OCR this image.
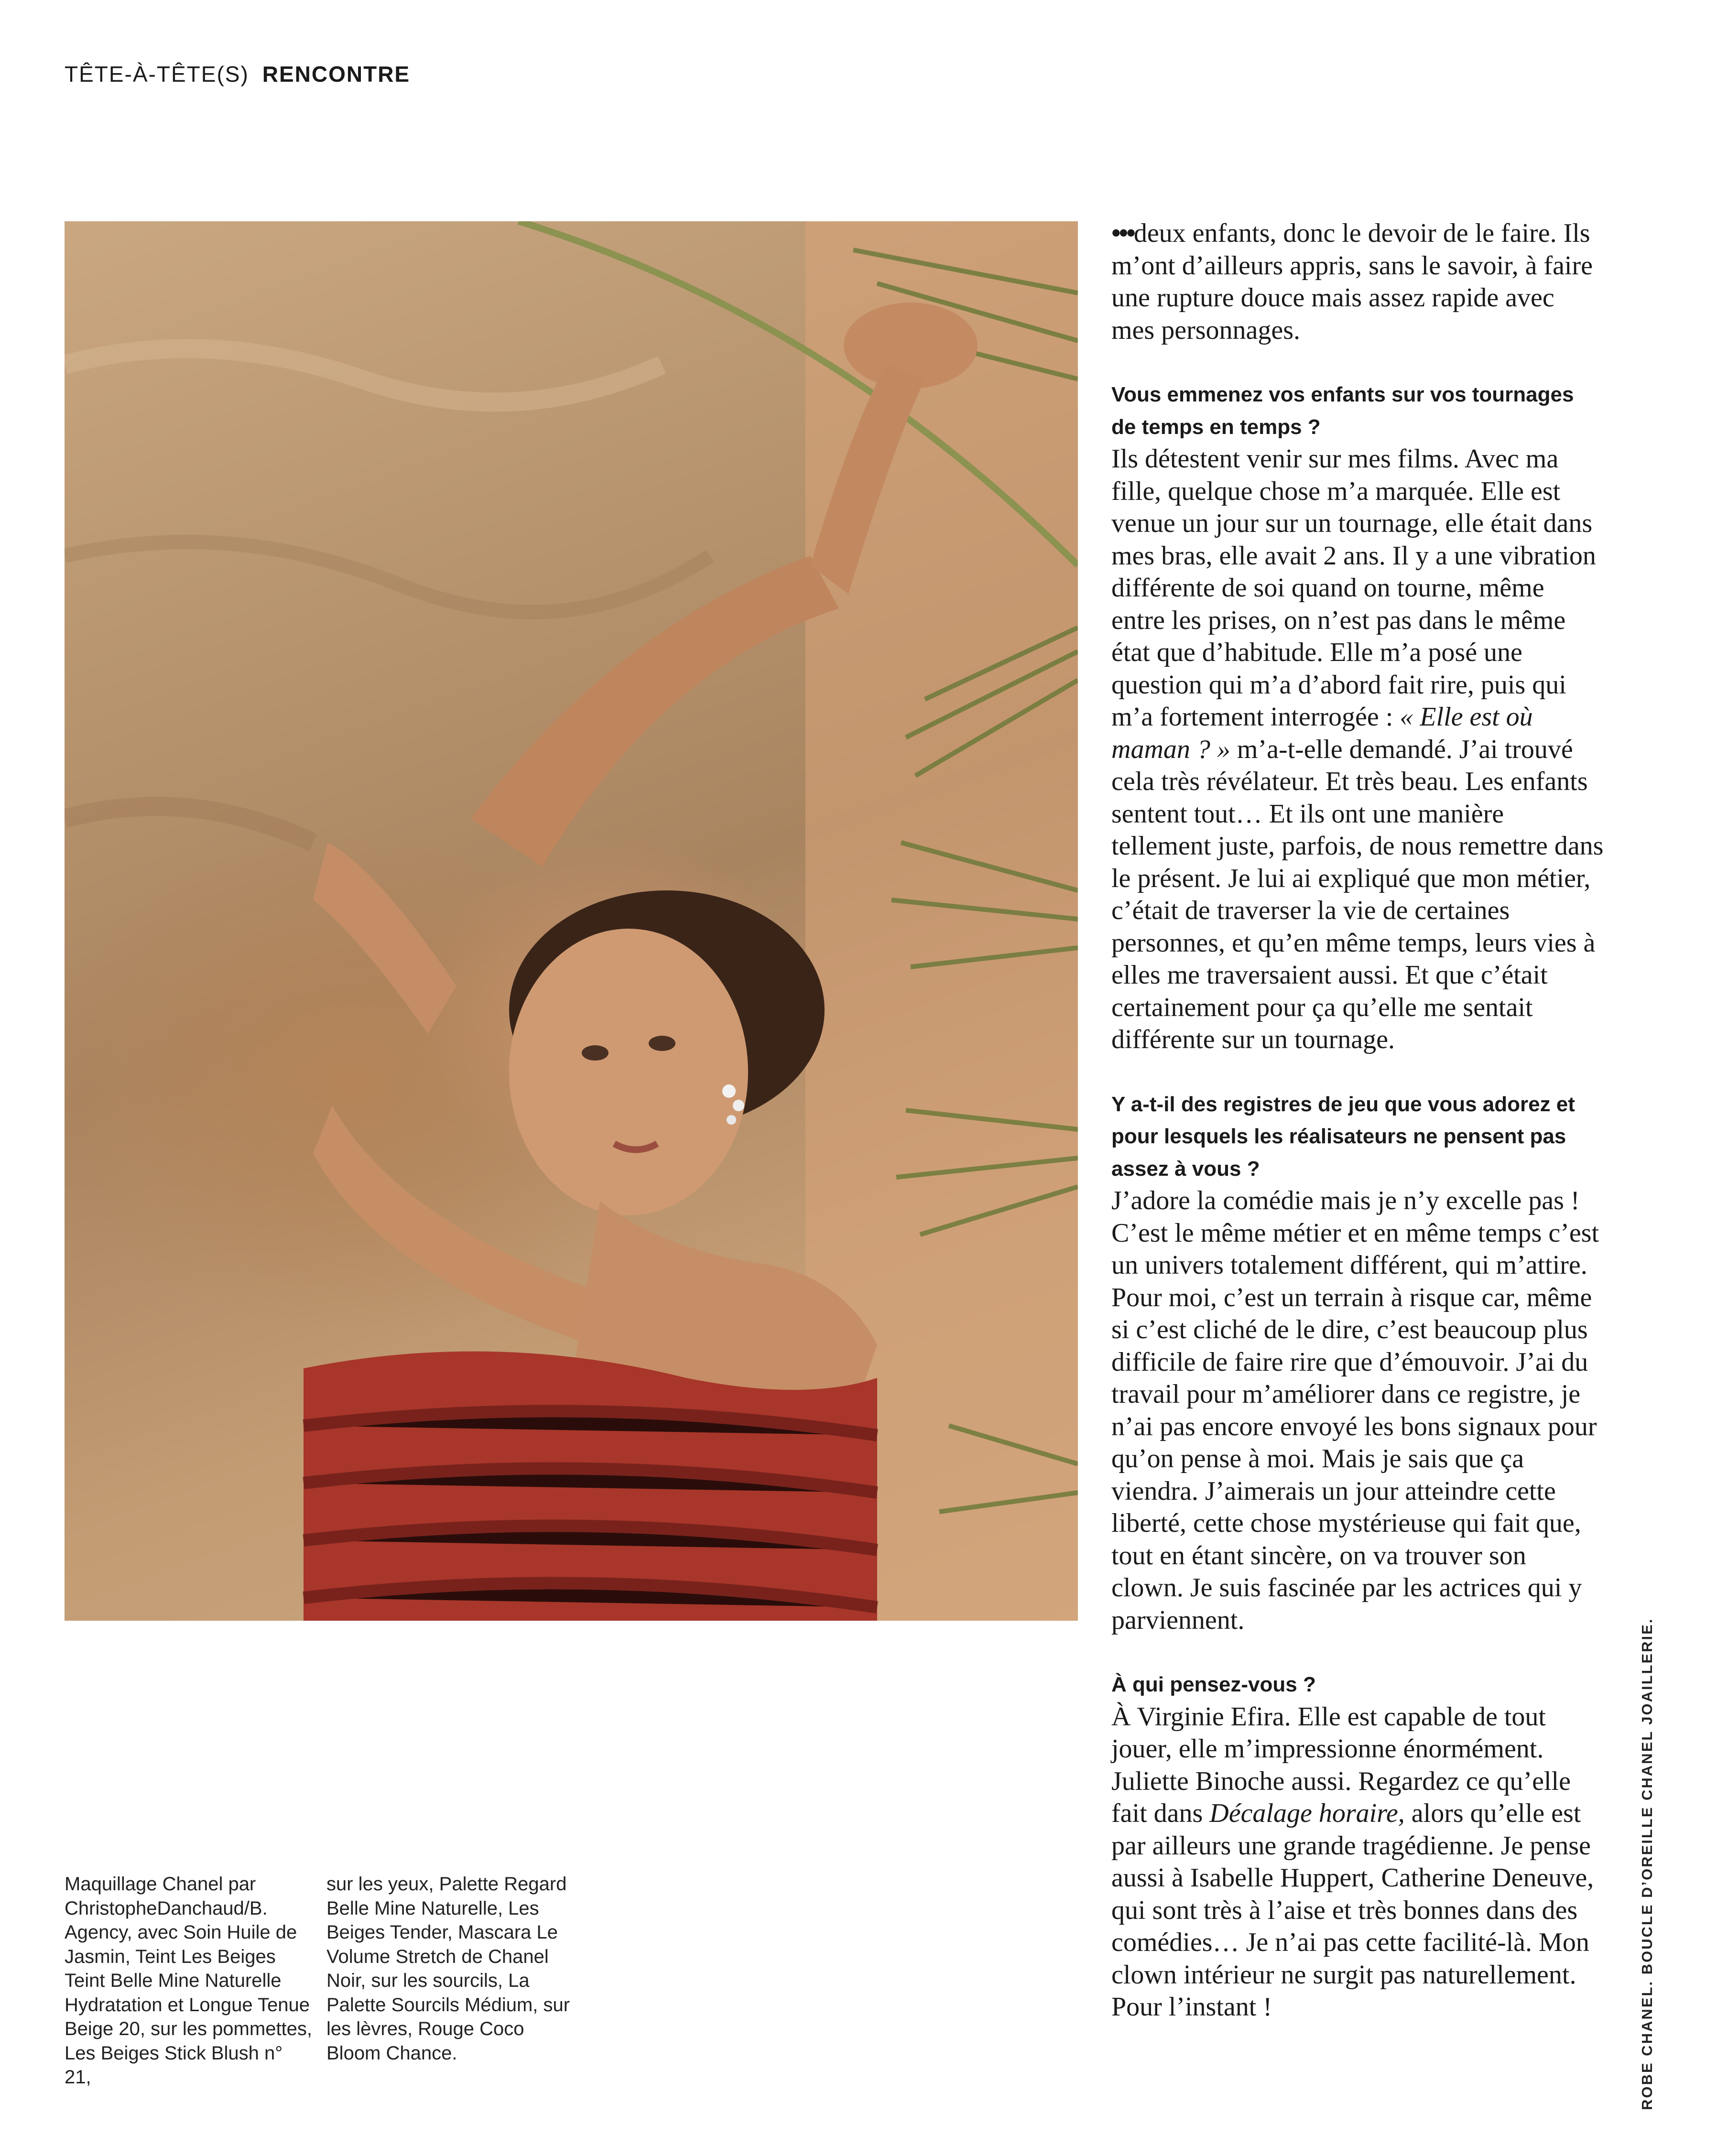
TÊTE-À-TÊTE(S) RENCONTRE
Maquillage Chanel par ChristopheDanchaud/B. Agency, avec Soin Huile de Jasmin, Teint Les Beiges Teint Belle Mine Naturelle Hydratation et Longue Tenue Beige 20, sur les pommettes, Les Beiges Stick Blush n° 21,
sur les yeux, Palette Regard Belle Mine Naturelle, Les Beiges Tender, Mascara Le Volume Stretch de Chanel Noir, sur les sourcils, La Palette Sourcils Médium, sur les lèvres, Rouge Coco Bloom Chance.

••• deux enfants, donc le devoir de le faire. Ils m’ont d’ailleurs appris, sans le savoir, à faire une rupture douce mais assez rapide avec mes personnages.

Vous emmenez vos enfants sur vos tournages de temps en temps ?

Ils détestent venir sur mes films. Avec ma fille, quelque chose m’a marquée. Elle est venue un jour sur un tournage, elle était dans mes bras, elle avait 2 ans. Il y a une vibration différente de soi quand on tourne, même entre les prises, on n’est pas dans le même état que d’habitude. Elle m’a posé une question qui m’a d’abord fait rire, puis qui m’a fortement interrogée : « Elle est où maman ? » m’a-t-elle demandé. J’ai trouvé cela très révélateur. Et très beau. Les enfants sentent tout… Et ils ont une manière tellement juste, parfois, de nous remettre dans le présent. Je lui ai expliqué que mon métier, c’était de traverser la vie de certaines personnes, et qu’en même temps, leurs vies à elles me traversaient aussi. Et que c’était certainement pour ça qu’elle me sentait différente sur un tournage.

Y a-t-il des registres de jeu que vous adorez et pour lesquels les réalisateurs ne pensent pas assez à vous ?

J’adore la comédie mais je n’y excelle pas ! C’est le même métier et en même temps c’est un univers totalement différent, qui m’attire. Pour moi, c’est un terrain à risque car, même si c’est cliché de le dire, c’est beaucoup plus difficile de faire rire que d’émouvoir. J’ai du travail pour m’améliorer dans ce registre, je n’ai pas encore envoyé les bons signaux pour qu’on pense à moi. Mais je sais que ça viendra. J’aimerais un jour atteindre cette liberté, cette chose mystérieuse qui fait que, tout en étant sincère, on va trouver son clown. Je suis fascinée par les actrices qui y parviennent.

À qui pensez-vous ?

À Virginie Efira. Elle est capable de tout jouer, elle m’impressionne énormément. Juliette Binoche aussi. Regardez ce qu’elle fait dans Décalage horaire, alors qu’elle est par ailleurs une grande tragédienne. Je pense aussi à Isabelle Huppert, Catherine Deneuve, qui sont très à l’aise et très bonnes dans des comédies… Je n’ai pas cette facilité-là. Mon clown intérieur ne surgit pas naturellement. Pour l’instant !	ROBE CHANEL. BOUCLE D’OREILLE CHANEL JOAILLERIE.
